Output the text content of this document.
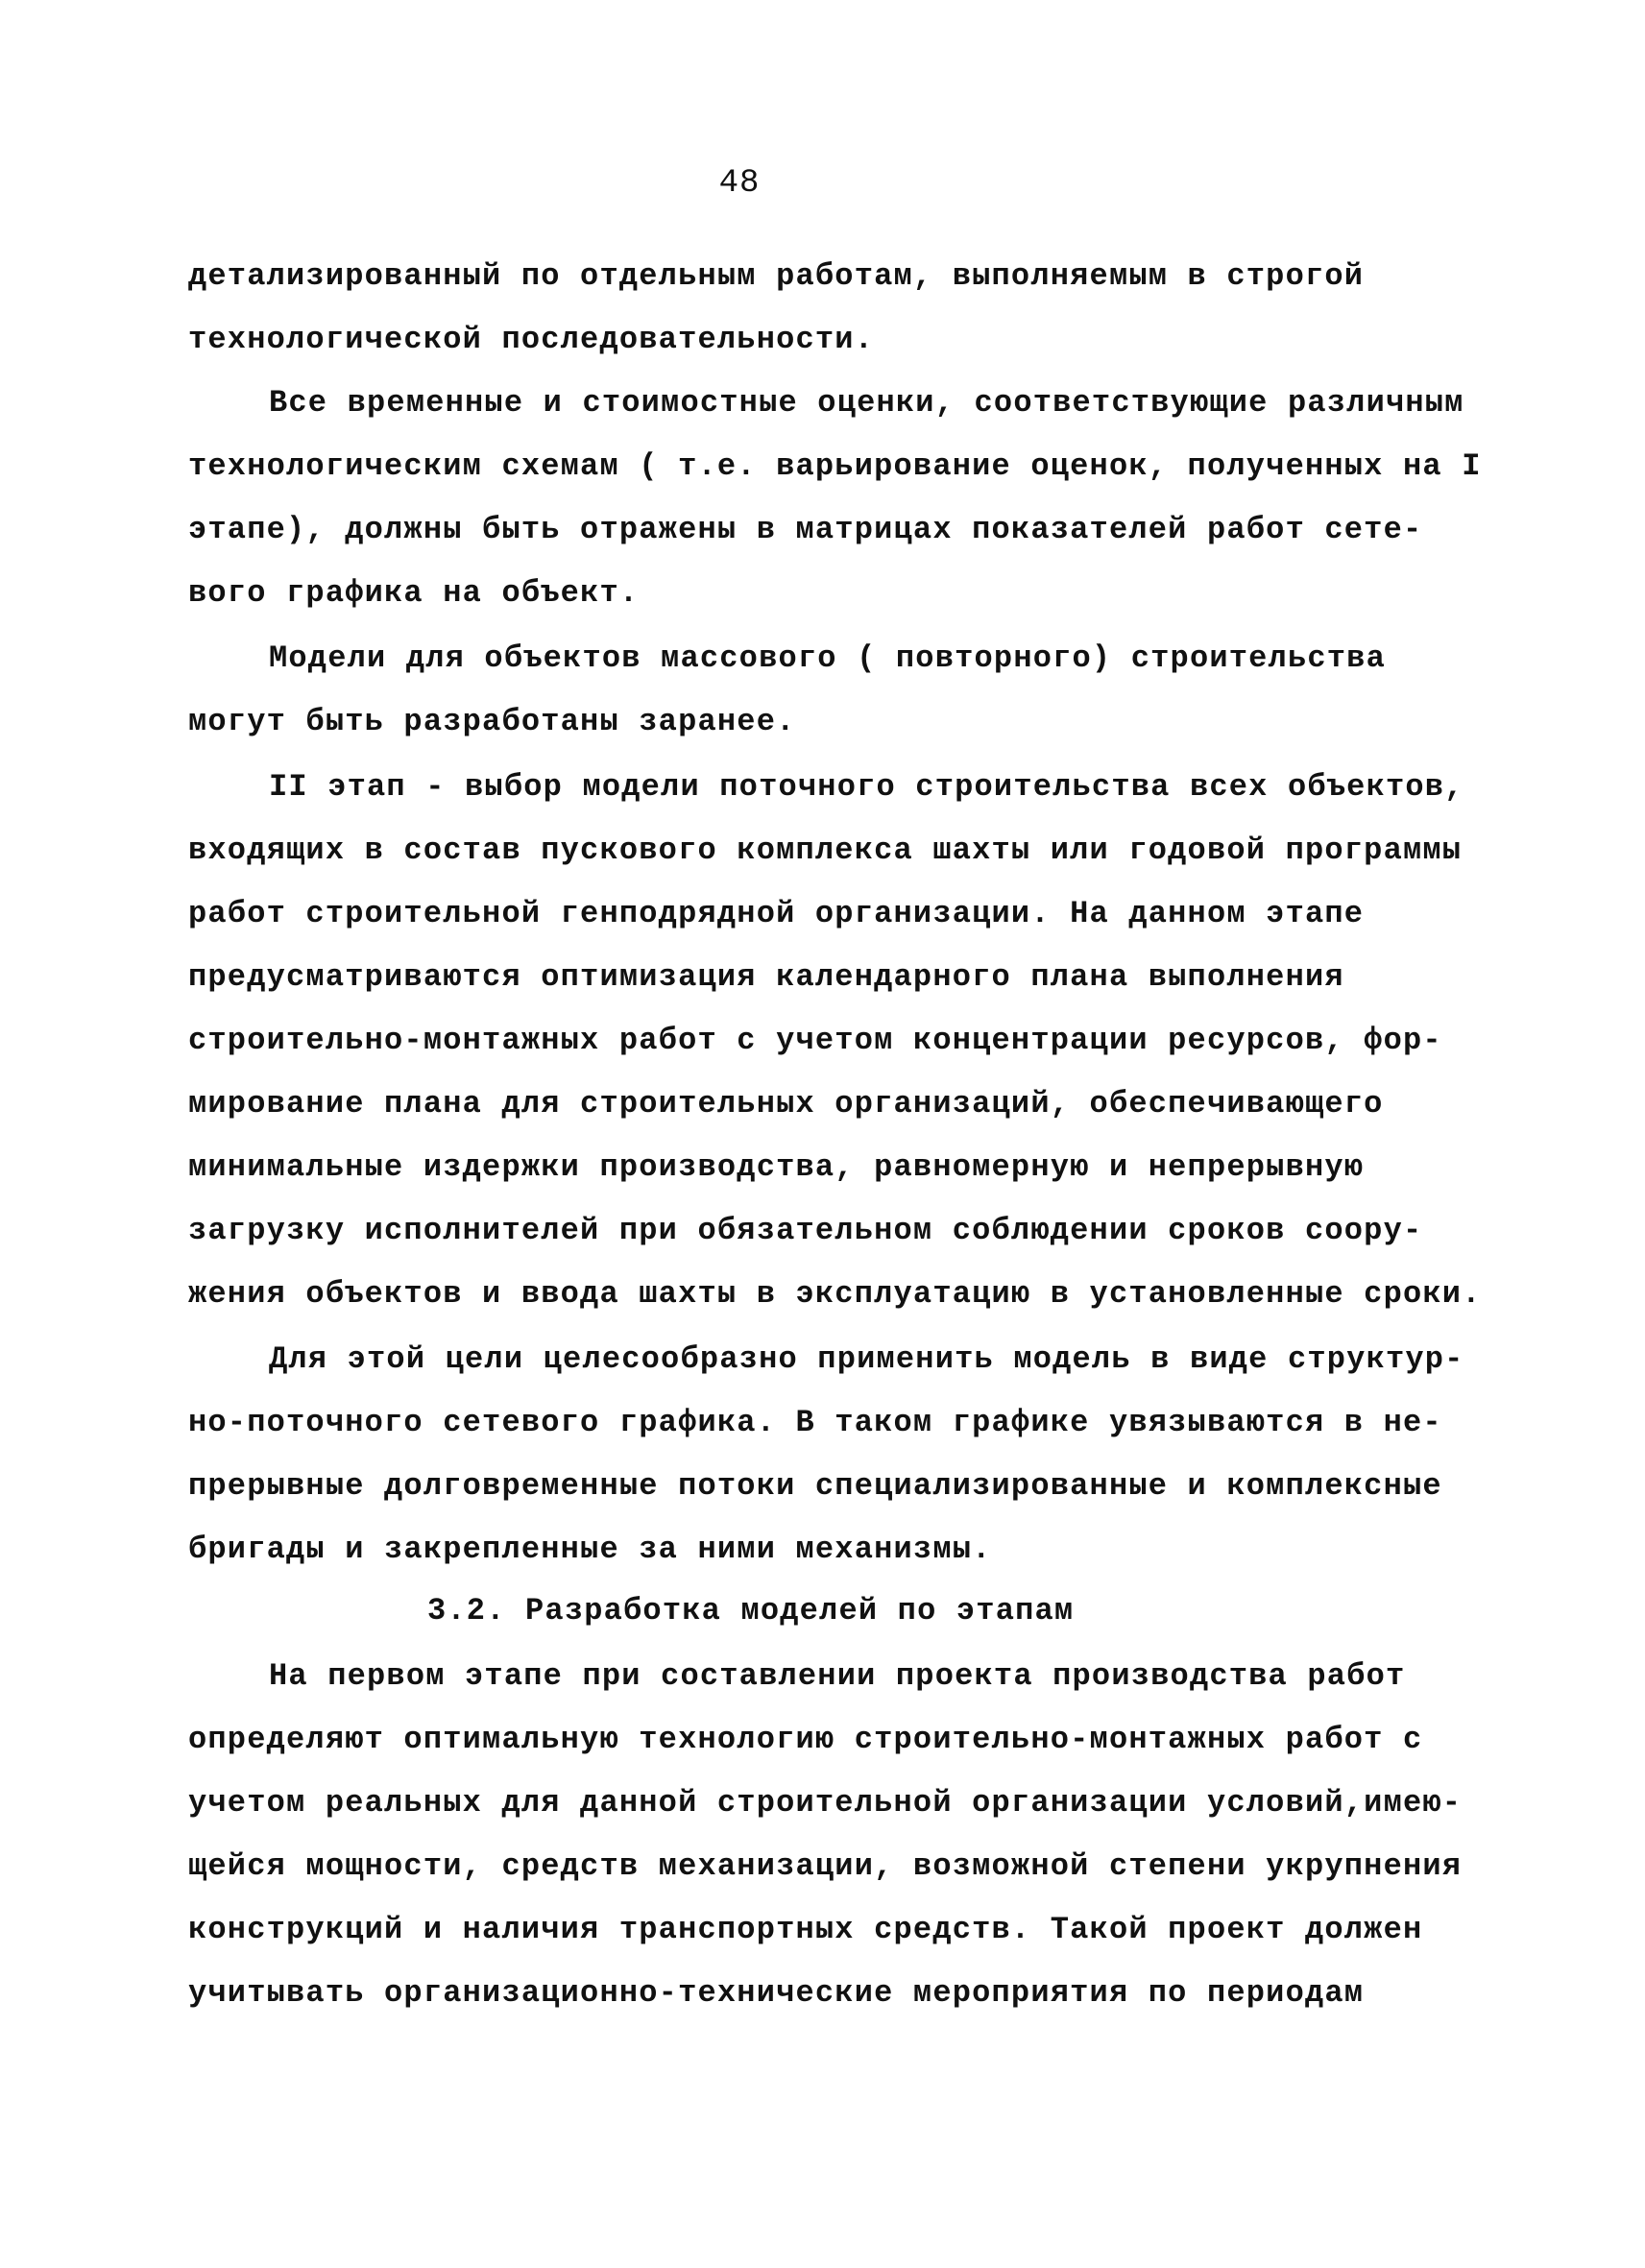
48
детализированный по отдельным работам, выполняемым в строгой
технологической последовательности.
Все временные и стоимостные оценки, соответствующие различным
технологическим схемам ( т.е. варьирование оценок, полученных на I
этапе), должны быть отражены в матрицах показателей работ сете-
вого графика на объект.
Модели для объектов массового ( повторного) строительства
могут быть разработаны заранее.
II этап - выбор модели поточного строительства всех объектов,
входящих в состав пускового комплекса шахты или годовой программы
работ строительной генподрядной организации. На данном этапе
предусматриваются оптимизация календарного плана выполнения
строительно-монтажных работ с учетом концентрации ресурсов, фор-
мирование плана для строительных организаций, обеспечивающего
минимальные издержки производства, равномерную и непрерывную
загрузку исполнителей при обязательном соблюдении сроков соору-
жения объектов и ввода шахты в эксплуатацию в установленные сроки.
Для этой цели целесообразно применить модель в виде структур-
но-поточного сетевого графика. В таком графике увязываются в не-
прерывные долговременные потоки специализированные и комплексные
бригады и закрепленные за ними механизмы.
3.2. Разработка моделей по этапам
На первом этапе при составлении проекта производства работ
определяют оптимальную технологию строительно-монтажных работ с
учетом реальных для данной строительной организации условий,имею-
щейся мощности, средств механизации, возможной степени укрупнения
конструкций и наличия транспортных средств. Такой проект должен
учитывать организационно-технические мероприятия по периодам
